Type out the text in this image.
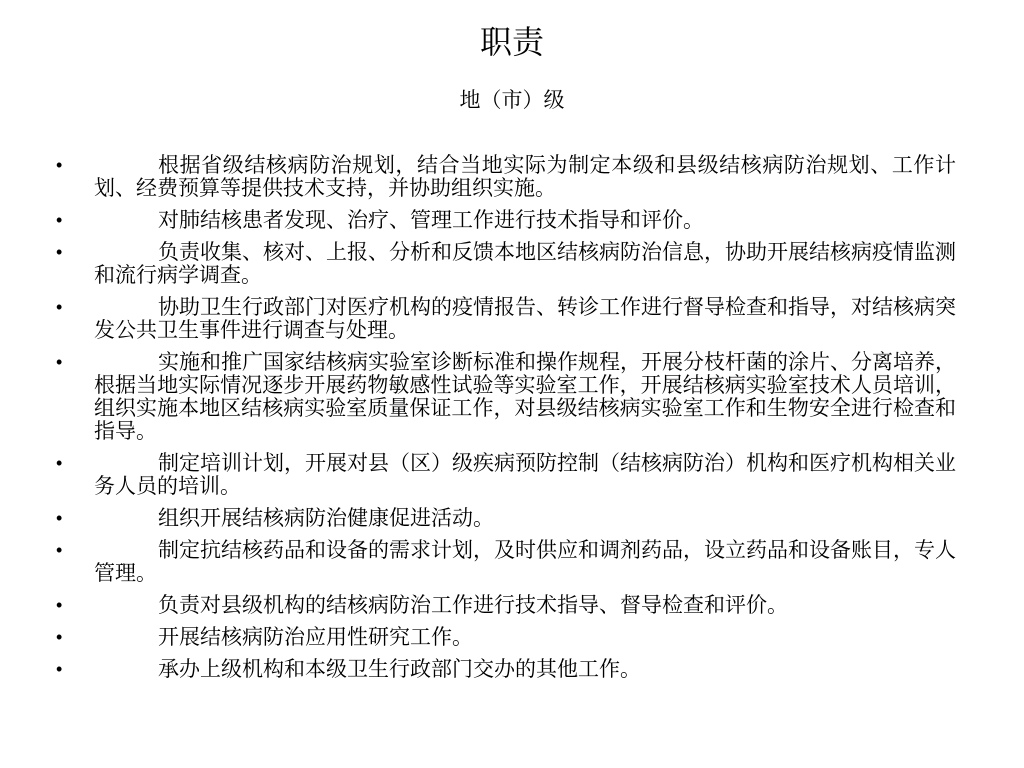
职责
地（市）级
•	根据省级结核病防治规划，结合当地实际为制定本级和县级结核病防治规划、工作计划、经费预算等提供技术支持，并协助组织实施。
•	对肺结核患者发现、治疗、管理工作进行技术指导和评价。
•	负责收集、核对、上报、分析和反馈本地区结核病防治信息，协助开展结核病疫情监测和流行病学调查。
•	协助卫生行政部门对医疗机构的疫情报告、转诊工作进行督导检查和指导，对结核病突发公共卫生事件进行调查与处理。
•	实施和推广国家结核病实验室诊断标准和操作规程，开展分枝杆菌的涂片、分离培养，根据当地实际情况逐步开展药物敏感性试验等实验室工作，开展结核病实验室技术人员培训，组织实施本地区结核病实验室质量保证工作，对县级结核病实验室工作和生物安全进行检查和指导。
•	制定培训计划，开展对县（区）级疾病预防控制（结核病防治）机构和医疗机构相关业务人员的培训。
•	组织开展结核病防治健康促进活动。
•	制定抗结核药品和设备的需求计划，及时供应和调剂药品，设立药品和设备账目，专人管理。
•	负责对县级机构的结核病防治工作进行技术指导、督导检查和评价。
•	开展结核病防治应用性研究工作。
•	承办上级机构和本级卫生行政部门交办的其他工作。
